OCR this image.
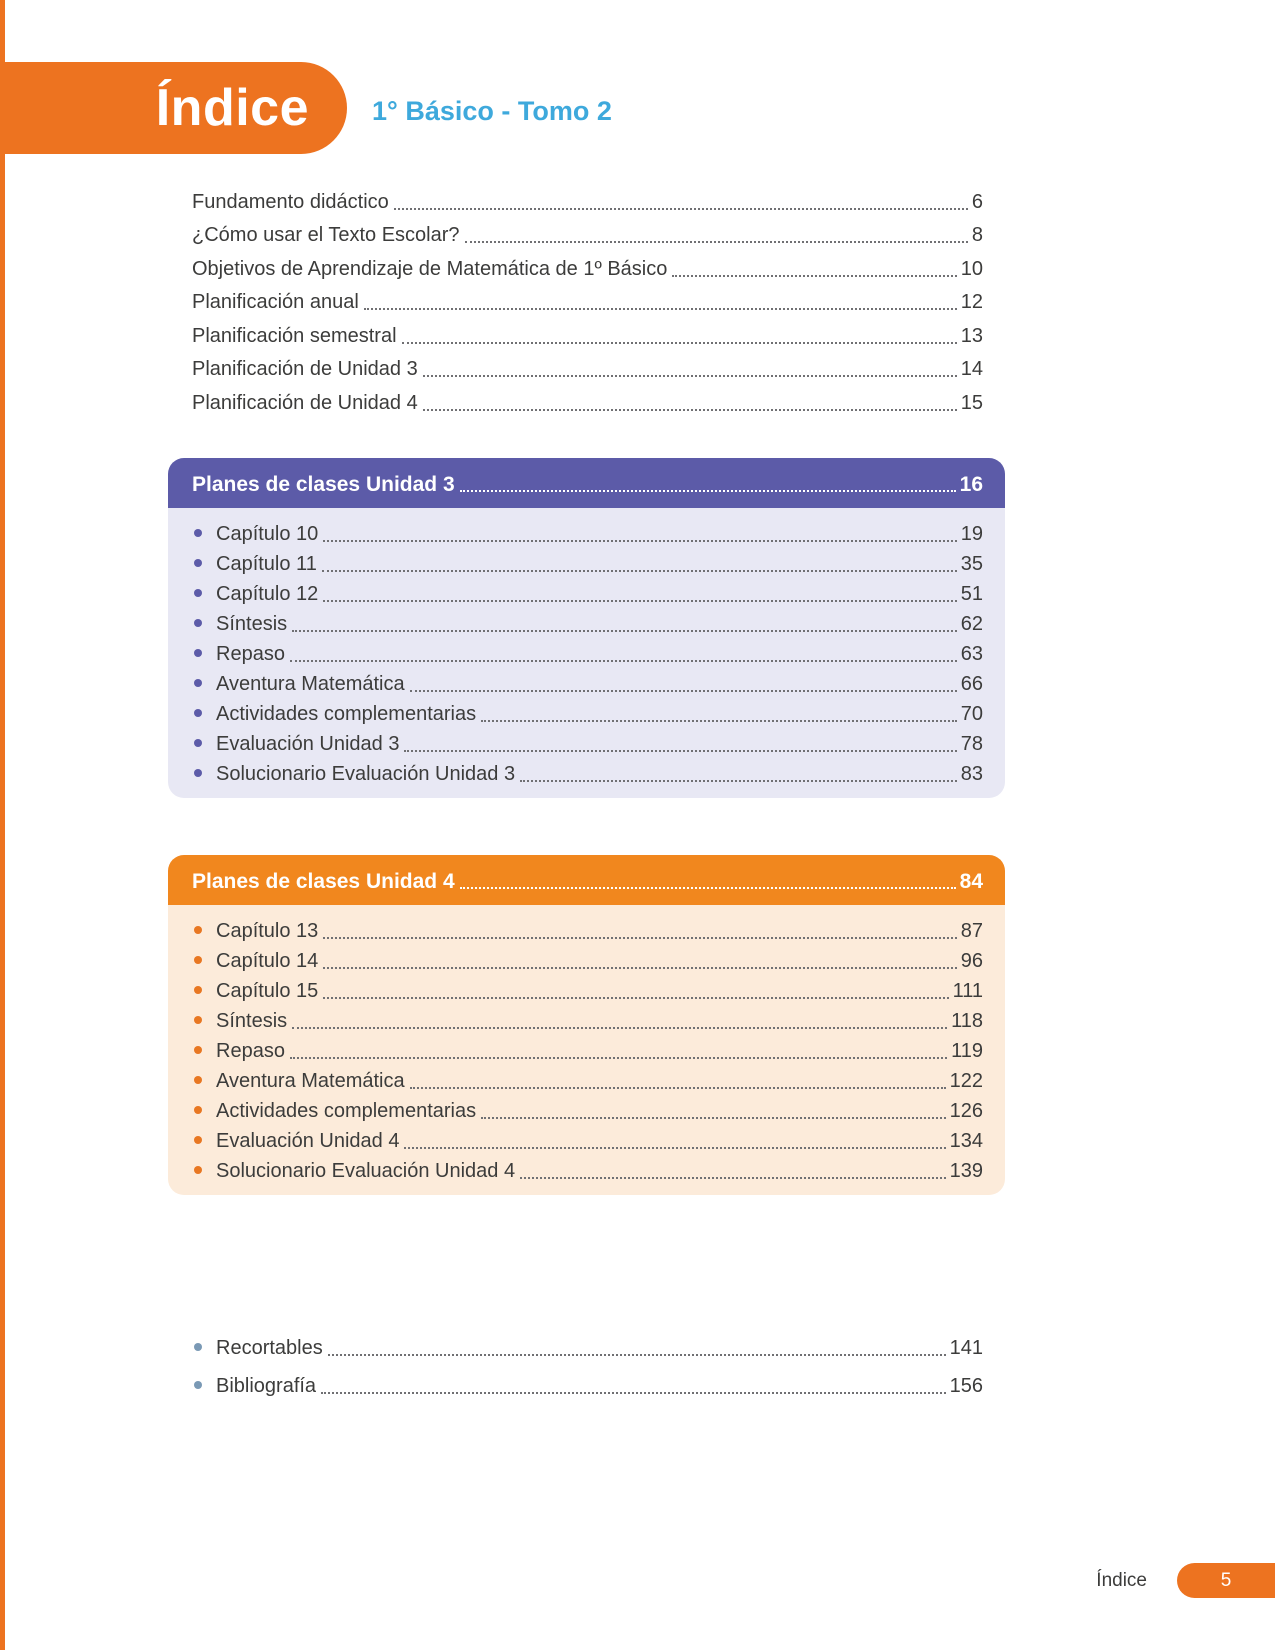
Índice 1° Básico - Tomo 2
Fundamento didáctico	6
¿Cómo usar el Texto Escolar?	8
Objetivos de Aprendizaje de Matemática de 1º Básico	10
Planificación anual	12
Planificación semestral	13
Planificación de Unidad 3	14
Planificación de Unidad 4	15
Planes de clases Unidad 3	16
Capítulo 10	19
Capítulo 11	35
Capítulo 12	51
Síntesis	62
Repaso	63
Aventura Matemática	66
Actividades complementarias	70
Evaluación Unidad 3	78
Solucionario Evaluación Unidad 3	83
Planes de clases Unidad 4	84
Capítulo 13	87
Capítulo 14	96
Capítulo 15	111
Síntesis	118
Repaso	119
Aventura Matemática	122
Actividades complementarias	126
Evaluación Unidad 4	134
Solucionario Evaluación Unidad 4	139
Recortables	141
Bibliografía	156
Índice	5
